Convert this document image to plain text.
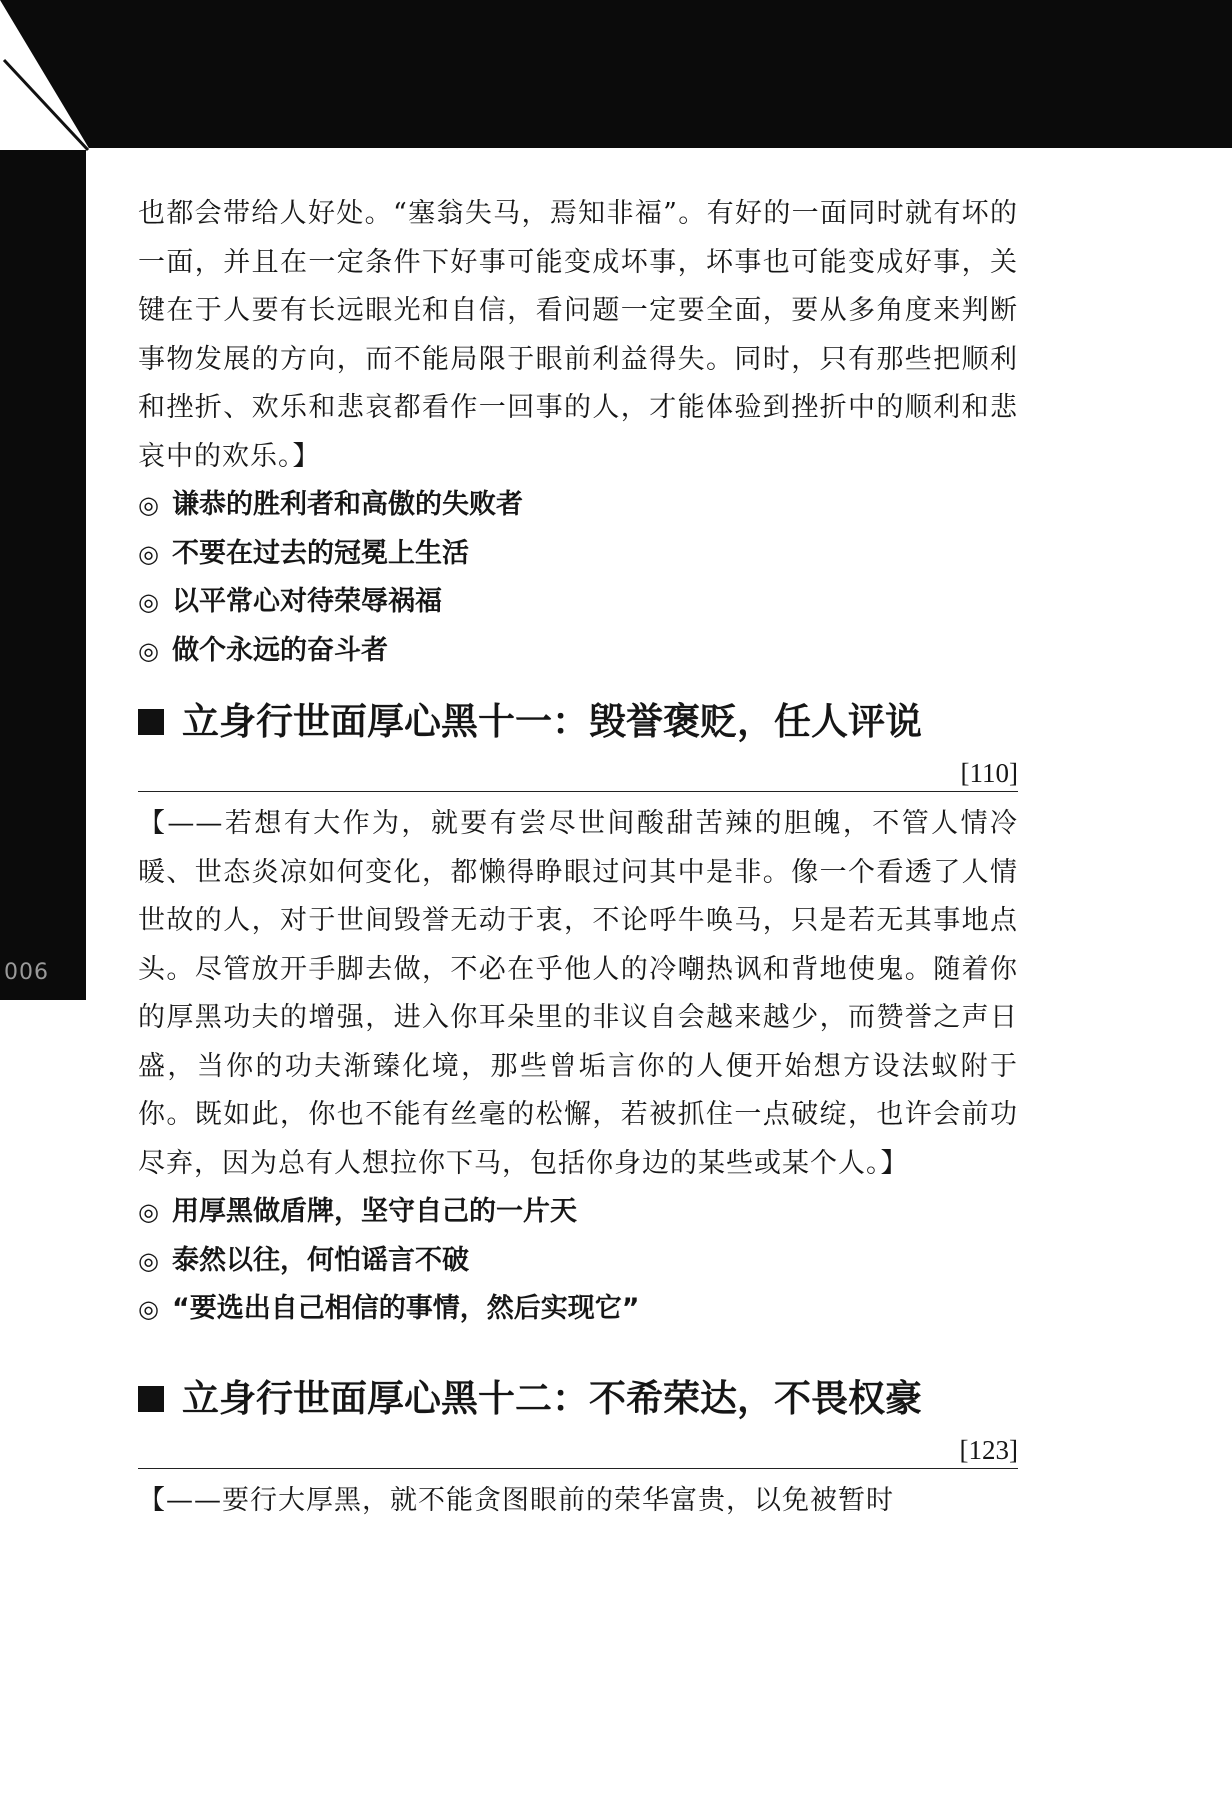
006

也都会带给人好处。“塞翁失马，焉知非福”。有好的一面同时就有坏的一面，并且在一定条件下好事可能变成坏事，坏事也可能变成好事，关键在于人要有长远眼光和自信，看问题一定要全面，要从多角度来判断事物发展的方向，而不能局限于眼前利益得失。同时，只有那些把顺利和挫折、欢乐和悲哀都看作一回事的人，才能体验到挫折中的顺利和悲哀中的欢乐。】

◎ 谦恭的胜利者和高傲的失败者
◎ 不要在过去的冠冕上生活
◎ 以平常心对待荣辱祸福
◎ 做个永远的奋斗者
立身行世面厚心黑十一：毁誉褒贬，任人评说
[110]

【——若想有大作为，就要有尝尽世间酸甜苦辣的胆魄，不管人情冷暖、世态炎凉如何变化，都懒得睁眼过问其中是非。像一个看透了人情世故的人，对于世间毁誉无动于衷，不论呼牛唤马，只是若无其事地点头。尽管放开手脚去做，不必在乎他人的冷嘲热讽和背地使鬼。随着你的厚黑功夫的增强，进入你耳朵里的非议自会越来越少，而赞誉之声日盛，当你的功夫渐臻化境，那些曾垢言你的人便开始想方设法蚁附于你。既如此，你也不能有丝毫的松懈，若被抓住一点破绽，也许会前功尽弃，因为总有人想拉你下马，包括你身边的某些或某个人。】

◎ 用厚黑做盾牌，坚守自己的一片天
◎ 泰然以往，何怕谣言不破
◎ “要选出自己相信的事情，然后实现它”
立身行世面厚心黑十二：不希荣达，不畏权豪
[123]

【——要行大厚黑，就不能贪图眼前的荣华富贵，以免被暂时
